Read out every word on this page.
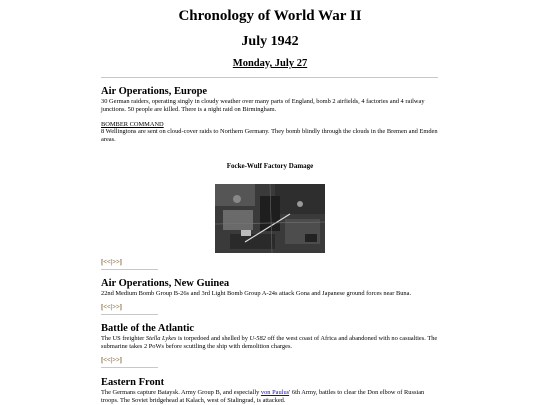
Chronology of World War II
July 1942
Monday, July 27
Air Operations, Europe
30 German raiders, operating singly in cloudy weather over many parts of England, bomb 2 airfields, 4 factories and 4 railway junctions. 50 people are killed. There is a night raid on Birmingham.
BOMBER COMMAND
8 Wellingtons are sent on cloud-cover raids to Northern Germany. They bomb blindly through the clouds in the Bremen and Emden areas.
Focke-Wulf Factory Damage
[<<|>>]
Air Operations, New Guinea
22nd Medium Bomb Group B-26s and 3rd Light Bomb Group A-24s attack Gona and Japanese ground forces near Buna.
[<<|>>]
Battle of the Atlantic
The US freighter Stella Lykes is torpedoed and shelled by U-582 off the west coast of Africa and abandoned with no casualties. The submarine takes 2 PoWs before scuttling the ship with demolition charges.
[<<|>>]
Eastern Front
The Germans capture Bataysk. Army Group B, and especially von Paulus' 6th Army, battles to clear the Don elbow of Russian troops. The Soviet bridgehead at Kalach, west of Stalingrad, is attacked.
